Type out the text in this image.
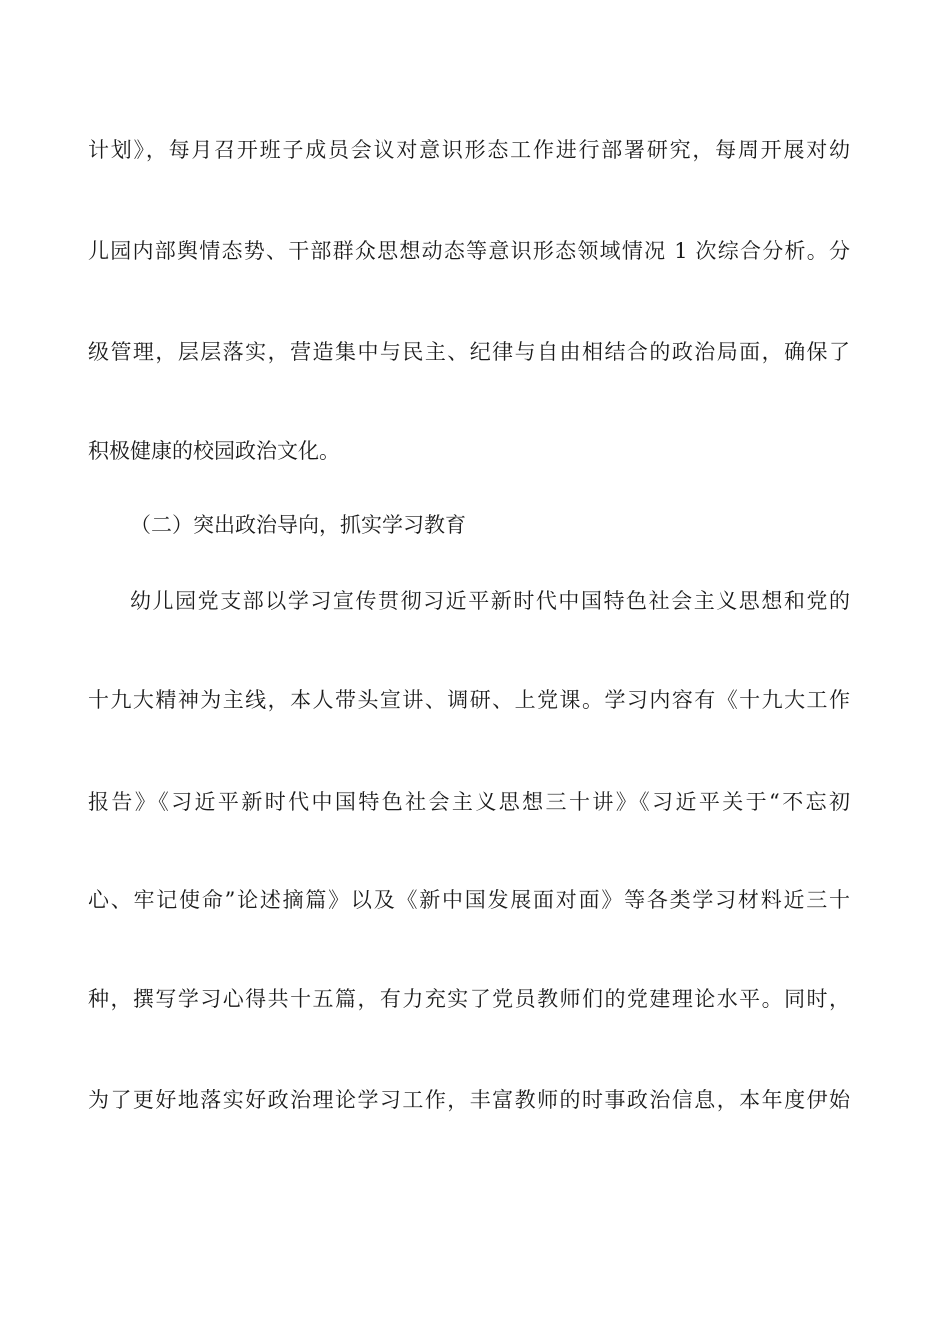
计划》，每月召开班子成员会议对意识形态工作进行部署研究，每周开展对幼
儿园内部舆情态势、干部群众思想动态等意识形态领域情况 1 次综合分析。分
级管理，层层落实，营造集中与民主、纪律与自由相结合的政治局面，确保了
积极健康的校园政治文化。
（二）突出政治导向，抓实学习教育
幼儿园党支部以学习宣传贯彻习近平新时代中国特色社会主义思想和党的
十九大精神为主线，本人带头宣讲、调研、上党课。学习内容有《十九大工作
报告》《习近平新时代中国特色社会主义思想三十讲》《习近平关于“不忘初
心、牢记使命”论述摘篇》以及《新中国发展面对面》等各类学习材料近三十
种，撰写学习心得共十五篇，有力充实了党员教师们的党建理论水平。同时，
为了更好地落实好政治理论学习工作，丰富教师的时事政治信息，本年度伊始
